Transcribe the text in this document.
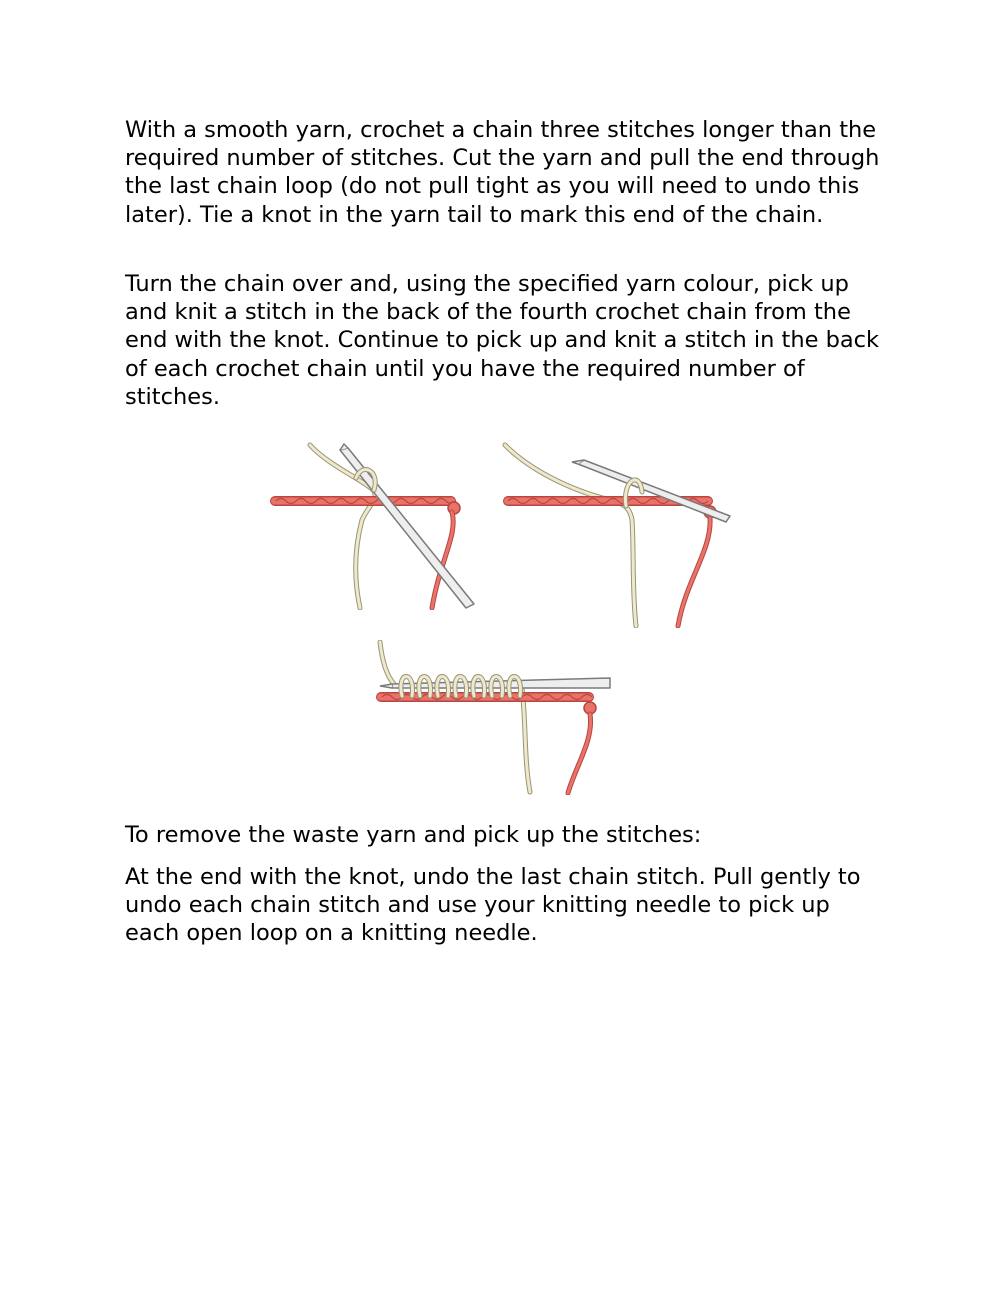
With a smooth yarn, crochet a chain three stitches longer than the required number of stitches. Cut the yarn and pull the end through the last chain loop (do not pull tight as you will need to undo this later). Tie a knot in the yarn tail to mark this end of the chain.

Turn the chain over and, using the specified yarn colour, pick up and knit a stitch in the back of the fourth crochet chain from the end with the knot. Continue to pick up and knit a stitch in the back of each crochet chain until you have the required number of stitches.

To remove the waste yarn and pick up the stitches:

At the end with the knot, undo the last chain stitch. Pull gently to undo each chain stitch and use your knitting needle to pick up each open loop on a knitting needle.
